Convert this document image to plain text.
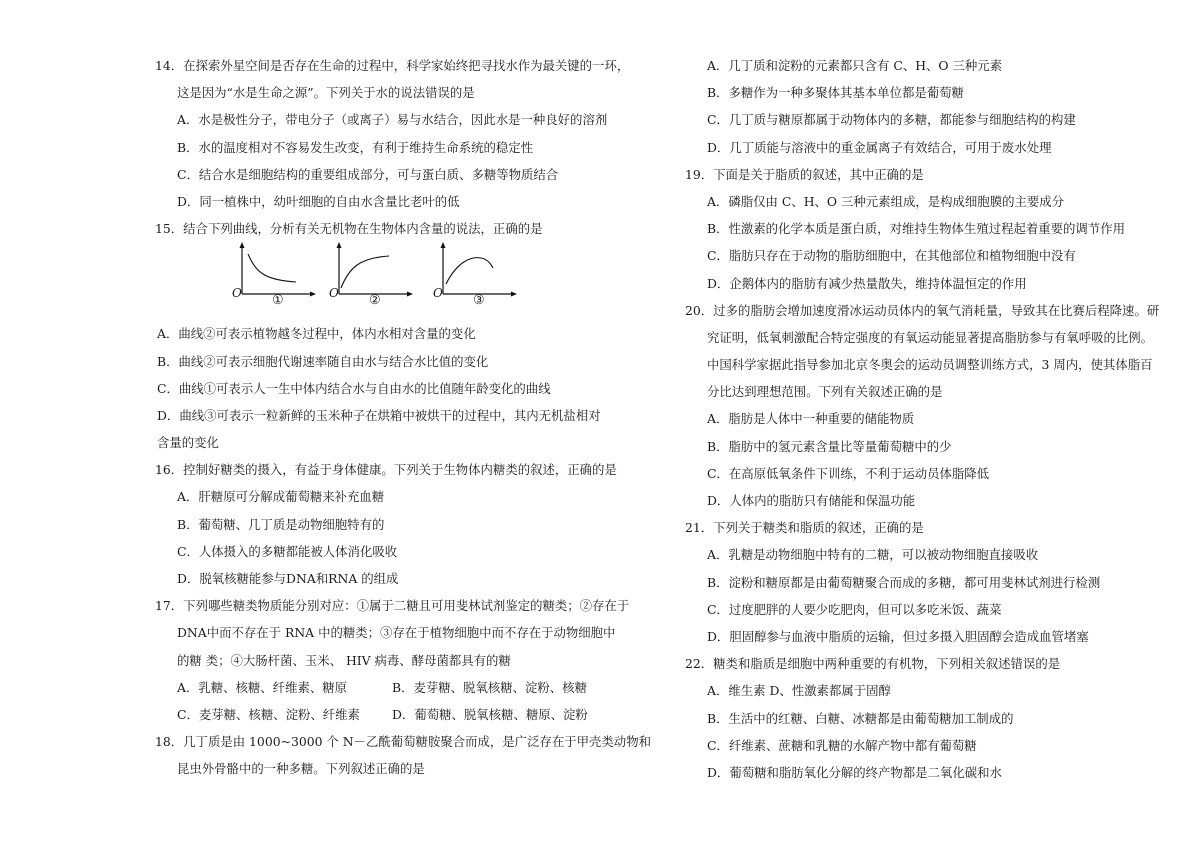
14．在探索外星空间是否存在生命的过程中，科学家始终把寻找水作为最关键的一环，
这是因为“水是生命之源”。下列关于水的说法错误的是
A．水是极性分子，带电分子（或离子）易与水结合，因此水是一种良好的溶剂
B．水的温度相对不容易发生改变，有利于维持生命系统的稳定性
C．结合水是细胞结构的重要组成部分，可与蛋白质、多糖等物质结合
D．同一植株中，幼叶细胞的自由水含量比老叶的低
15．结合下列曲线，分析有关无机物在生物体内含量的说法，正确的是
O ①	O ②	O ③
A．曲线②可表示植物越冬过程中，体内水相对含量的变化
B．曲线②可表示细胞代谢速率随自由水与结合水比值的变化
C．曲线①可表示人一生中体内结合水与自由水的比值随年龄变化的曲线
D．曲线③可表示一粒新鲜的玉米种子在烘箱中被烘干的过程中，其内无机盐相对
含量的变化
16．控制好糖类的摄入，有益于身体健康。下列关于生物体内糖类的叙述，正确的是
A．肝糖原可分解成葡萄糖来补充血糖
B．葡萄糖、几丁质是动物细胞特有的
C．人体摄入的多糖都能被人体消化吸收
D．脱氧核糖能参与DNA和RNA 的组成
17．下列哪些糖类物质能分别对应：①属于二糖且可用斐林试剂鉴定的糖类；②存在于
DNA中而不存在于 RNA 中的糖类；③存在于植物细胞中而不存在于动物细胞中
的糖 类；④大肠杆菌、玉米、 HIV 病毒、酵母菌都具有的糖
A．乳糖、核糖、纤维素、糖原	B．麦芽糖、脱氧核糖、淀粉、核糖
C．麦芽糖、核糖、淀粉、纤维素	D．葡萄糖、脱氧核糖、糖原、淀粉
18．几丁质是由 1000~3000 个 N－乙酰葡萄糖胺聚合而成，是广泛存在于甲壳类动物和
昆虫外骨骼中的一种多糖。下列叙述正确的是
A．几丁质和淀粉的元素都只含有 C、H、O 三种元素
B．多糖作为一种多聚体其基本单位都是葡萄糖
C．几丁质与糖原都属于动物体内的多糖，都能参与细胞结构的构建
D．几丁质能与溶液中的重金属离子有效结合，可用于废水处理
19．下面是关于脂质的叙述，其中正确的是
A．磷脂仅由 C、H、O 三种元素组成，是构成细胞膜的主要成分
B．性激素的化学本质是蛋白质，对维持生物体生殖过程起着重要的调节作用
C．脂肪只存在于动物的脂肪细胞中，在其他部位和植物细胞中没有
D．企鹅体内的脂肪有减少热量散失，维持体温恒定的作用
20．过多的脂肪会增加速度滑冰运动员体内的氧气消耗量，导致其在比赛后程降速。研
究证明，低氧刺激配合特定强度的有氧运动能显著提高脂肪参与有氧呼吸的比例。
中国科学家据此指导参加北京冬奥会的运动员调整训练方式，3 周内，使其体脂百
分比达到理想范围。下列有关叙述正确的是
A．脂肪是人体中一种重要的储能物质
B．脂肪中的氢元素含量比等量葡萄糖中的少
C．在高原低氧条件下训练，不利于运动员体脂降低
D．人体内的脂肪只有储能和保温功能
21．下列关于糖类和脂质的叙述，正确的是
A．乳糖是动物细胞中特有的二糖，可以被动物细胞直接吸收
B．淀粉和糖原都是由葡萄糖聚合而成的多糖，都可用斐林试剂进行检测
C．过度肥胖的人要少吃肥肉，但可以多吃米饭、蔬菜
D．胆固醇参与血液中脂质的运输，但过多摄入胆固醇会造成血管堵塞
22．糖类和脂质是细胞中两种重要的有机物，下列相关叙述错误的是
A．维生素 D、性激素都属于固醇
B．生活中的红糖、白糖、冰糖都是由葡萄糖加工制成的
C．纤维素、蔗糖和乳糖的水解产物中都有葡萄糖
D．葡萄糖和脂肪氧化分解的终产物都是二氧化碳和水
